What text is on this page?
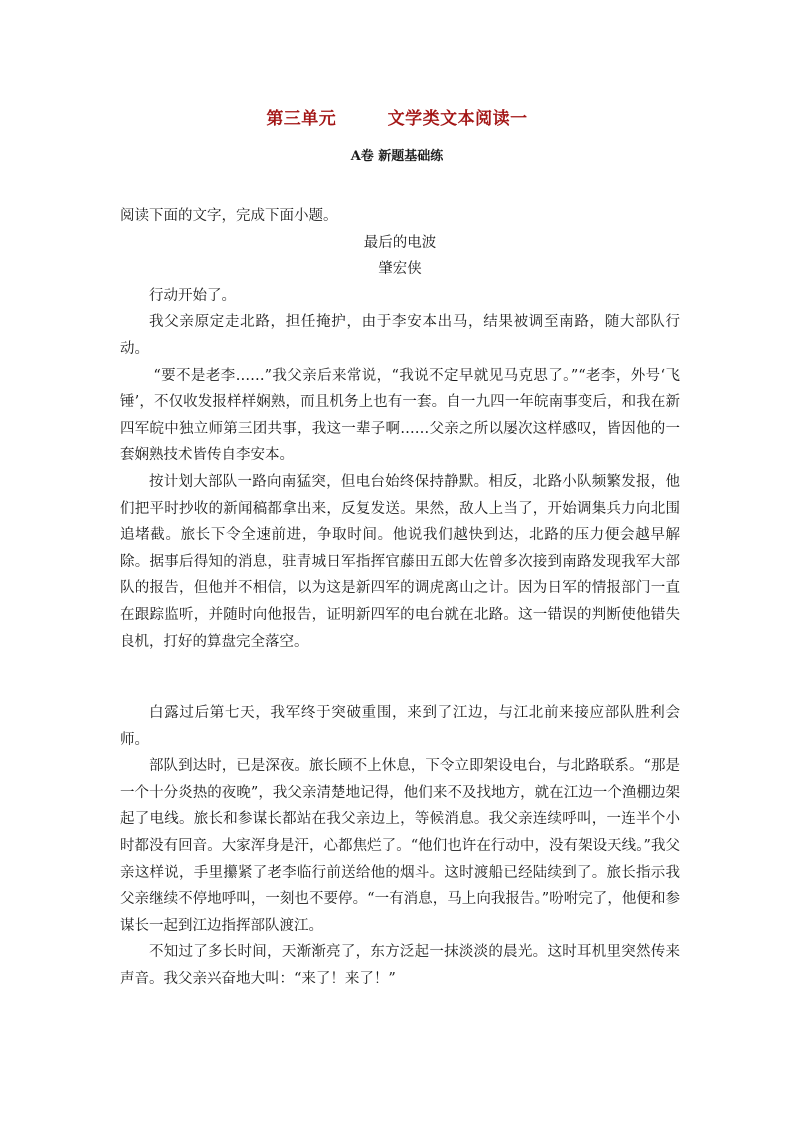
第三单元        文学类文本阅读一
A卷 新题基础练

阅读下面的文字，完成下面小题。

最后的电波

肇宏侠

行动开始了。

我父亲原定走北路，担任掩护，由于李安本出马，结果被调至南路，随大部队行动。

“要不是老李……”我父亲后来常说，“我说不定早就见马克思了。”“老李，外号‘飞锤’，不仅收发报样样娴熟，而且机务上也有一套。自一九四一年皖南事变后，和我在新四军皖中独立师第三团共事，我这一辈子啊……父亲之所以屡次这样感叹，皆因他的一套娴熟技术皆传自李安本。

按计划大部队一路向南猛突，但电台始终保持静默。相反，北路小队频繁发报，他们把平时抄收的新闻稿都拿出来，反复发送。果然，敌人上当了，开始调集兵力向北围追堵截。旅长下令全速前进，争取时间。他说我们越快到达，北路的压力便会越早解除。据事后得知的消息，驻青城日军指挥官藤田五郎大佐曾多次接到南路发现我军大部队的报告，但他并不相信，以为这是新四军的调虎离山之计。因为日军的情报部门一直在跟踪监听，并随时向他报告，证明新四军的电台就在北路。这一错误的判断使他错失良机，打好的算盘完全落空。

白露过后第七天，我军终于突破重围，来到了江边，与江北前来接应部队胜利会师。

部队到达时，已是深夜。旅长顾不上休息，下令立即架设电台，与北路联系。“那是一个十分炎热的夜晚”，我父亲清楚地记得，他们来不及找地方，就在江边一个渔棚边架起了电线。旅长和参谋长都站在我父亲边上，等候消息。我父亲连续呼叫，一连半个小时都没有回音。大家浑身是汗，心都焦烂了。“他们也许在行动中，没有架设天线。”我父亲这样说，手里攥紧了老李临行前送给他的烟斗。这时渡船已经陆续到了。旅长指示我父亲继续不停地呼叫，一刻也不要停。“一有消息，马上向我报告。”吩咐完了，他便和参谋长一起到江边指挥部队渡江。

不知过了多长时间，天渐渐亮了，东方泛起一抹淡淡的晨光。这时耳机里突然传来声音。我父亲兴奋地大叫：“来了！来了！”
